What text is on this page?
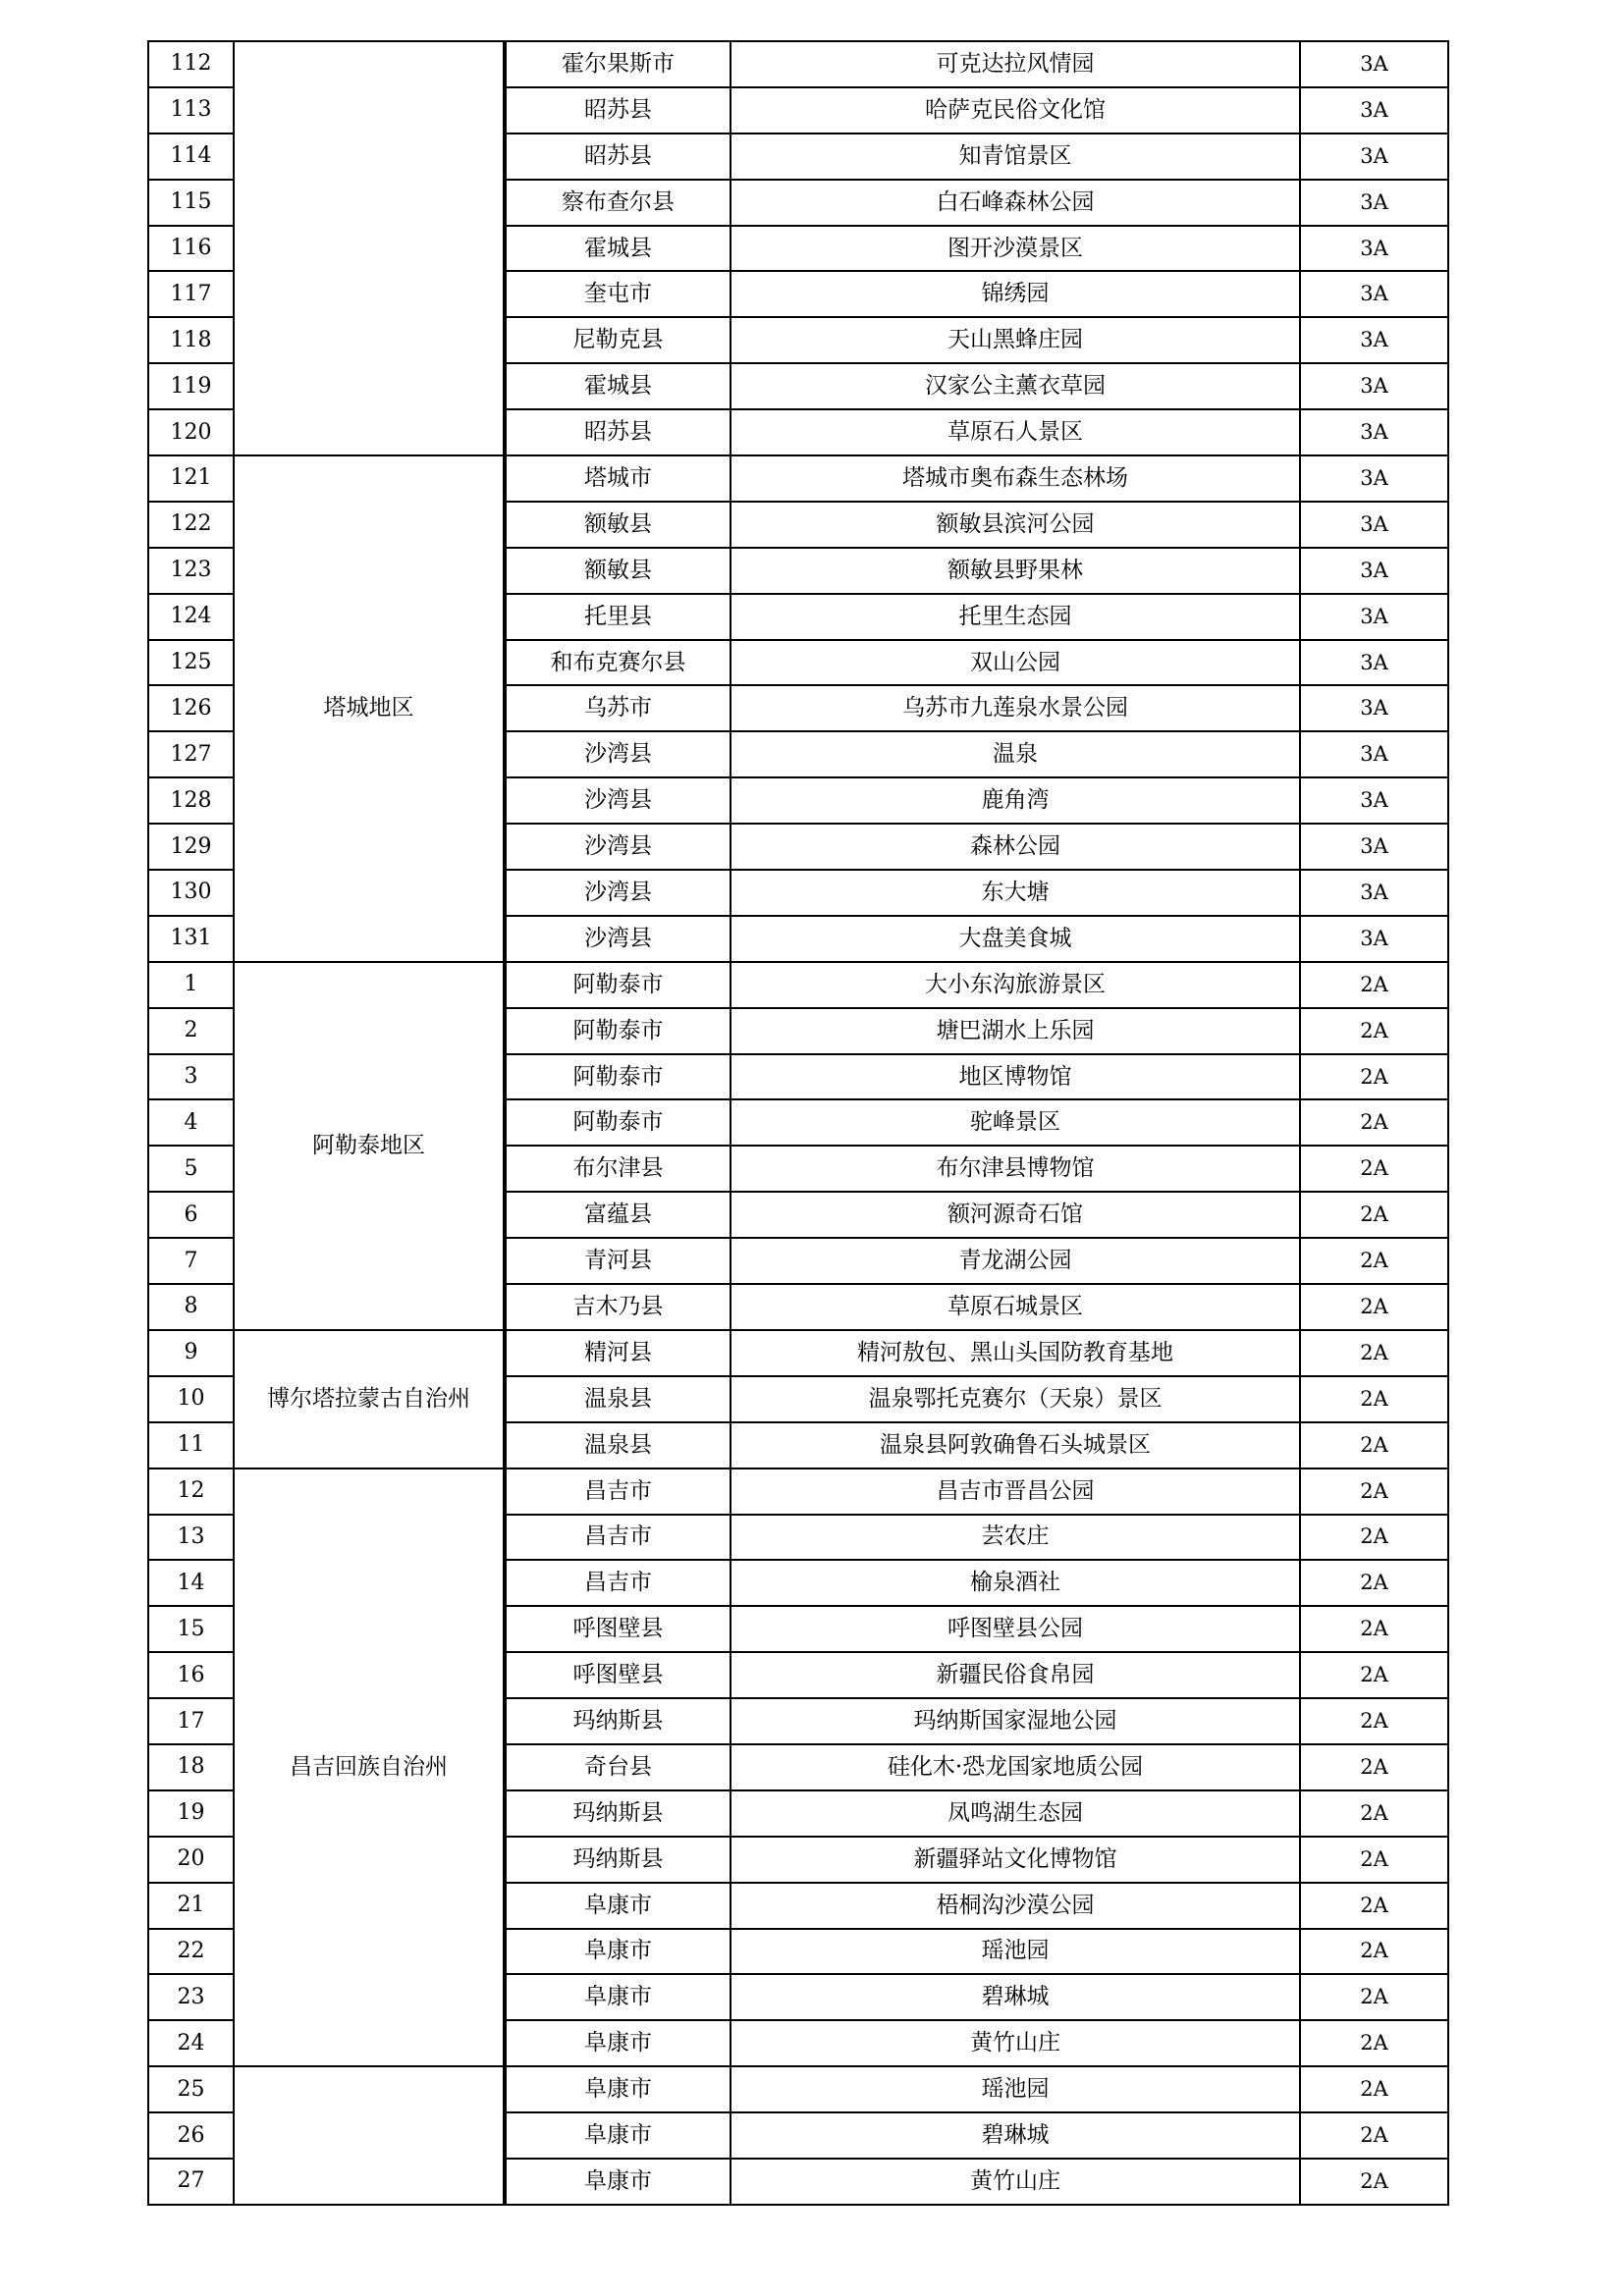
112			霍尔果斯市	可克达拉风情园	3A
113			昭苏县	哈萨克民俗文化馆	3A
114			昭苏县	知青馆景区	3A
115			察布查尔县	白石峰森林公园	3A
116			霍城县	图开沙漠景区	3A
117			奎屯市	锦绣园	3A
118			尼勒克县	天山黑蜂庄园	3A
119			霍城县	汉家公主薰衣草园	3A
120			昭苏县	草原石人景区	3A
121	塔城地区		塔城市	塔城市奥布森生态林场	3A
122			额敏县	额敏县滨河公园	3A
123			额敏县	额敏县野果林	3A
124			托里县	托里生态园	3A
125			和布克赛尔县	双山公园	3A
126			乌苏市	乌苏市九莲泉水景公园	3A
127			沙湾县	温泉	3A
128			沙湾县	鹿角湾	3A
129			沙湾县	森林公园	3A
130			沙湾县	东大塘	3A
131			沙湾县	大盘美食城	3A
1	阿勒泰地区		阿勒泰市	大小东沟旅游景区	2A
2			阿勒泰市	塘巴湖水上乐园	2A
3			阿勒泰市	地区博物馆	2A
4			阿勒泰市	驼峰景区	2A
5			布尔津县	布尔津县博物馆	2A
6			富蕴县	额河源奇石馆	2A
7			青河县	青龙湖公园	2A
8			吉木乃县	草原石城景区	2A
9	博尔塔拉蒙古自治州		精河县	精河敖包、黑山头国防教育基地	2A
10			温泉县	温泉鄂托克赛尔（天泉）景区	2A
11			温泉县	温泉县阿敦确鲁石头城景区	2A
12	昌吉回族自治州		昌吉市	昌吉市晋昌公园	2A
13			昌吉市	芸农庄	2A
14			昌吉市	榆泉酒社	2A
15			呼图壁县	呼图壁县公园	2A
16			呼图壁县	新疆民俗食帛园	2A
17			玛纳斯县	玛纳斯国家湿地公园	2A
18			奇台县	硅化木·恐龙国家地质公园	2A
19			玛纳斯县	凤鸣湖生态园	2A
20			玛纳斯县	新疆驿站文化博物馆	2A
21			阜康市	梧桐沟沙漠公园	2A
22			阜康市	瑶池园	2A
23			阜康市	碧琳城	2A
24			阜康市	黄竹山庄	2A
25			阜康市	瑶池园	2A
26			阜康市	碧琳城	2A
27			阜康市	黄竹山庄	2A
